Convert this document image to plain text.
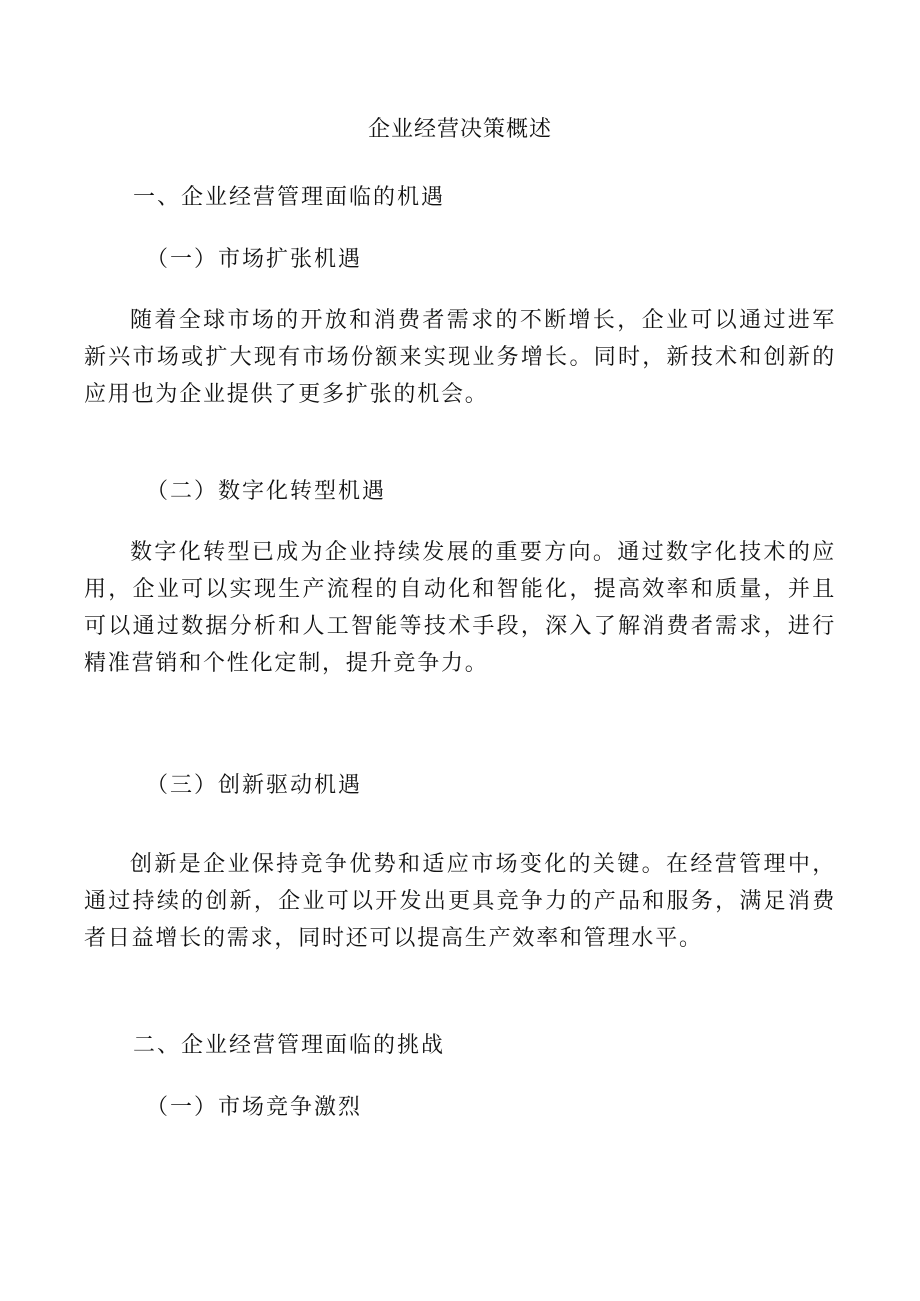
企业经营决策概述
一、企业经营管理面临的机遇
（一）市场扩张机遇
随着全球市场的开放和消费者需求的不断增长，企业可以通过进军新兴市场或扩大现有市场份额来实现业务增长。同时，新技术和创新的应用也为企业提供了更多扩张的机会。
（二）数字化转型机遇
数字化转型已成为企业持续发展的重要方向。通过数字化技术的应用，企业可以实现生产流程的自动化和智能化，提高效率和质量，并且可以通过数据分析和人工智能等技术手段，深入了解消费者需求，进行精准营销和个性化定制，提升竞争力。
（三）创新驱动机遇
创新是企业保持竞争优势和适应市场变化的关键。在经营管理中，通过持续的创新，企业可以开发出更具竞争力的产品和服务，满足消费者日益增长的需求，同时还可以提高生产效率和管理水平。
二、企业经营管理面临的挑战
（一）市场竞争激烈
